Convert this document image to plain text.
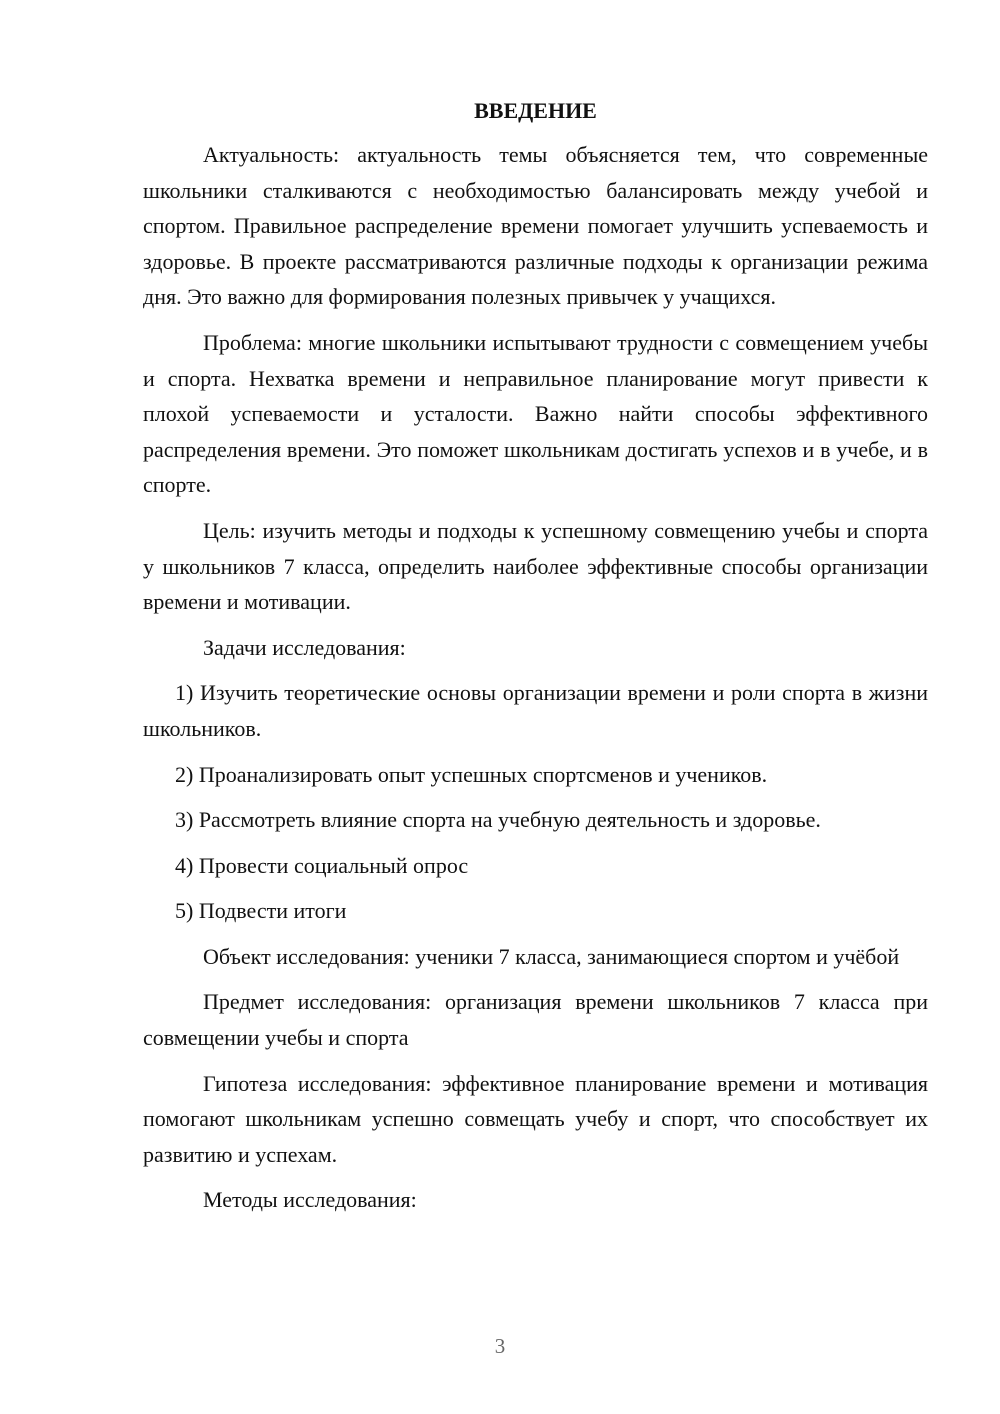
ВВЕДЕНИЕ
Актуальность: актуальность темы объясняется тем, что современные школьники сталкиваются с необходимостью балансировать между учебой и спортом. Правильное распределение времени помогает улучшить успеваемость и здоровье. В проекте рассматриваются различные подходы к организации режима дня. Это важно для формирования полезных привычек у учащихся.
Проблема: многие школьники испытывают трудности с совмещением учебы и спорта. Нехватка времени и неправильное планирование могут привести к плохой успеваемости и усталости. Важно найти способы эффективного распределения времени. Это поможет школьникам достигать успехов и в учебе, и в спорте.
Цель: изучить методы и подходы к успешному совмещению учебы и спорта у школьников 7 класса, определить наиболее эффективные способы организации времени и мотивации.
Задачи исследования:
1) Изучить теоретические основы организации времени и роли спорта в жизни школьников.
2) Проанализировать опыт успешных спортсменов и учеников.
3) Рассмотреть влияние спорта на учебную деятельность и здоровье.
4) Провести социальный опрос
5) Подвести итоги
Объект исследования: ученики 7 класса, занимающиеся спортом и учёбой
Предмет исследования: организация времени школьников 7 класса при совмещении учебы и спорта
Гипотеза исследования: эффективное планирование времени и мотивация помогают школьникам успешно совмещать учебу и спорт, что способствует их развитию и успехам.
Методы исследования:
3
